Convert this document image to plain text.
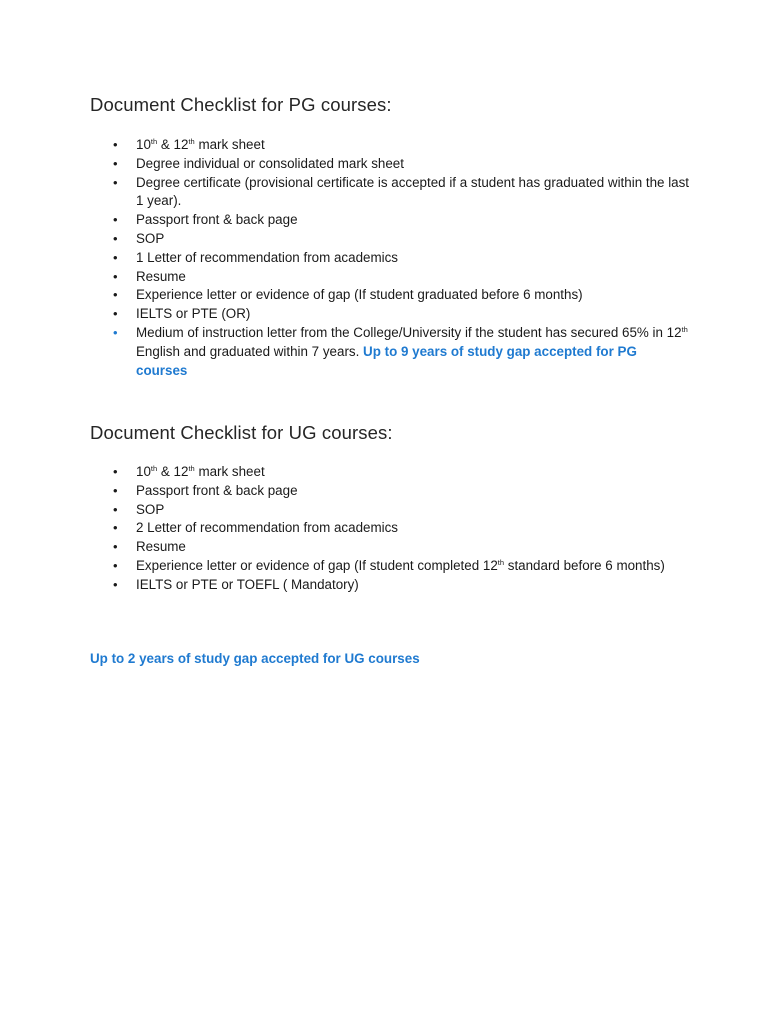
Document Checklist for PG courses:
• 10th & 12th mark sheet
• Degree individual or consolidated mark sheet
• Degree certificate (provisional certificate is accepted if a student has graduated within the last 1 year).
• Passport front & back page
• SOP
• 1 Letter of recommendation from academics
• Resume
• Experience letter or evidence of gap (If student graduated before 6 months)
• IELTS or PTE (OR)
• Medium of instruction letter from the College/University if the student has secured 65% in 12th English and graduated within 7 years. Up to 9 years of study gap accepted for PG courses
Document Checklist for UG courses:
• 10th & 12th mark sheet
• Passport front & back page
• SOP
• 2 Letter of recommendation from academics
• Resume
• Experience letter or evidence of gap (If student completed 12th standard before 6 months)
• IELTS or PTE or TOEFL ( Mandatory)

Up to 2 years of study gap accepted for UG courses
